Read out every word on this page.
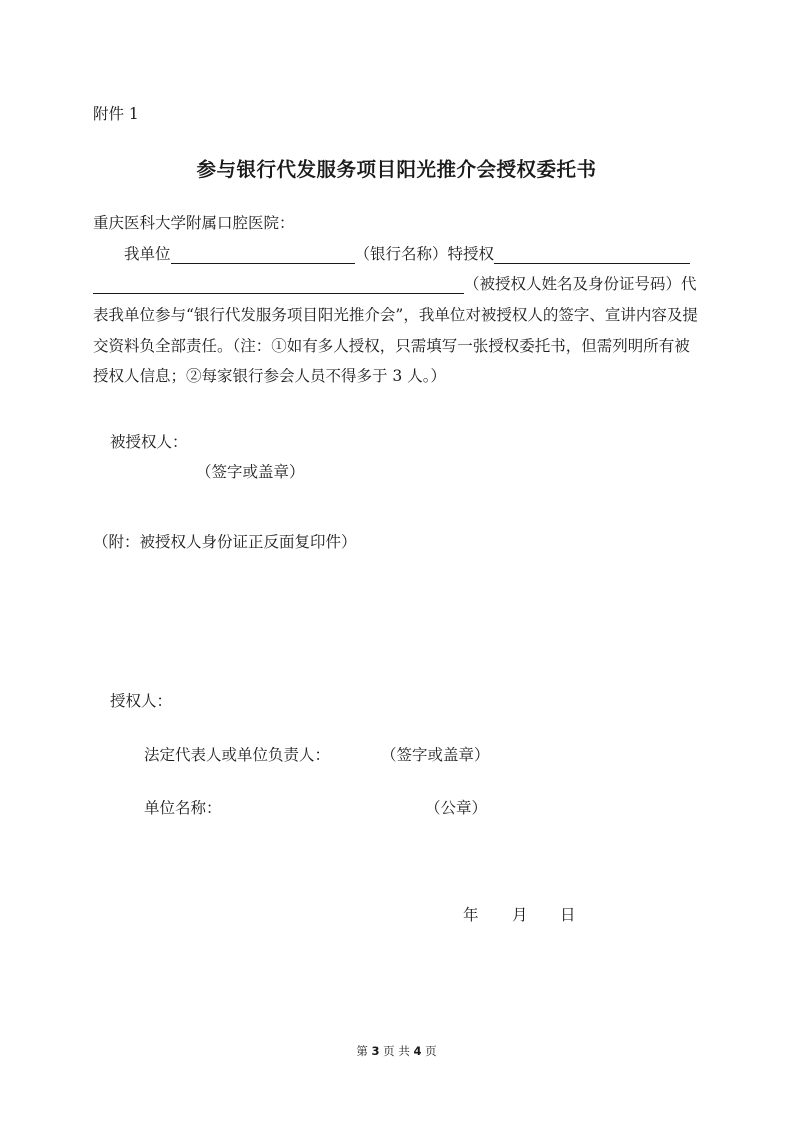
附件 1
参与银行代发服务项目阳光推介会授权委托书
重庆医科大学附属口腔医院：
我单位	（银行名称）特授权
（被授权人姓名及身份证号码）代
表我单位参与“银行代发服务项目阳光推介会”，我单位对被授权人的签字、宣讲内容及提交资料负全部责任。（注：①如有多人授权，只需填写一张授权委托书，但需列明所有被授权人信息；②每家银行参会人员不得多于 3 人。）
被授权人：
（签字或盖章）
（附：被授权人身份证正反面复印件）
授权人：
法定代表人或单位负责人：	（签字或盖章）
单位名称：	（公章）
年 月 日
第 3 页 共 4 页
